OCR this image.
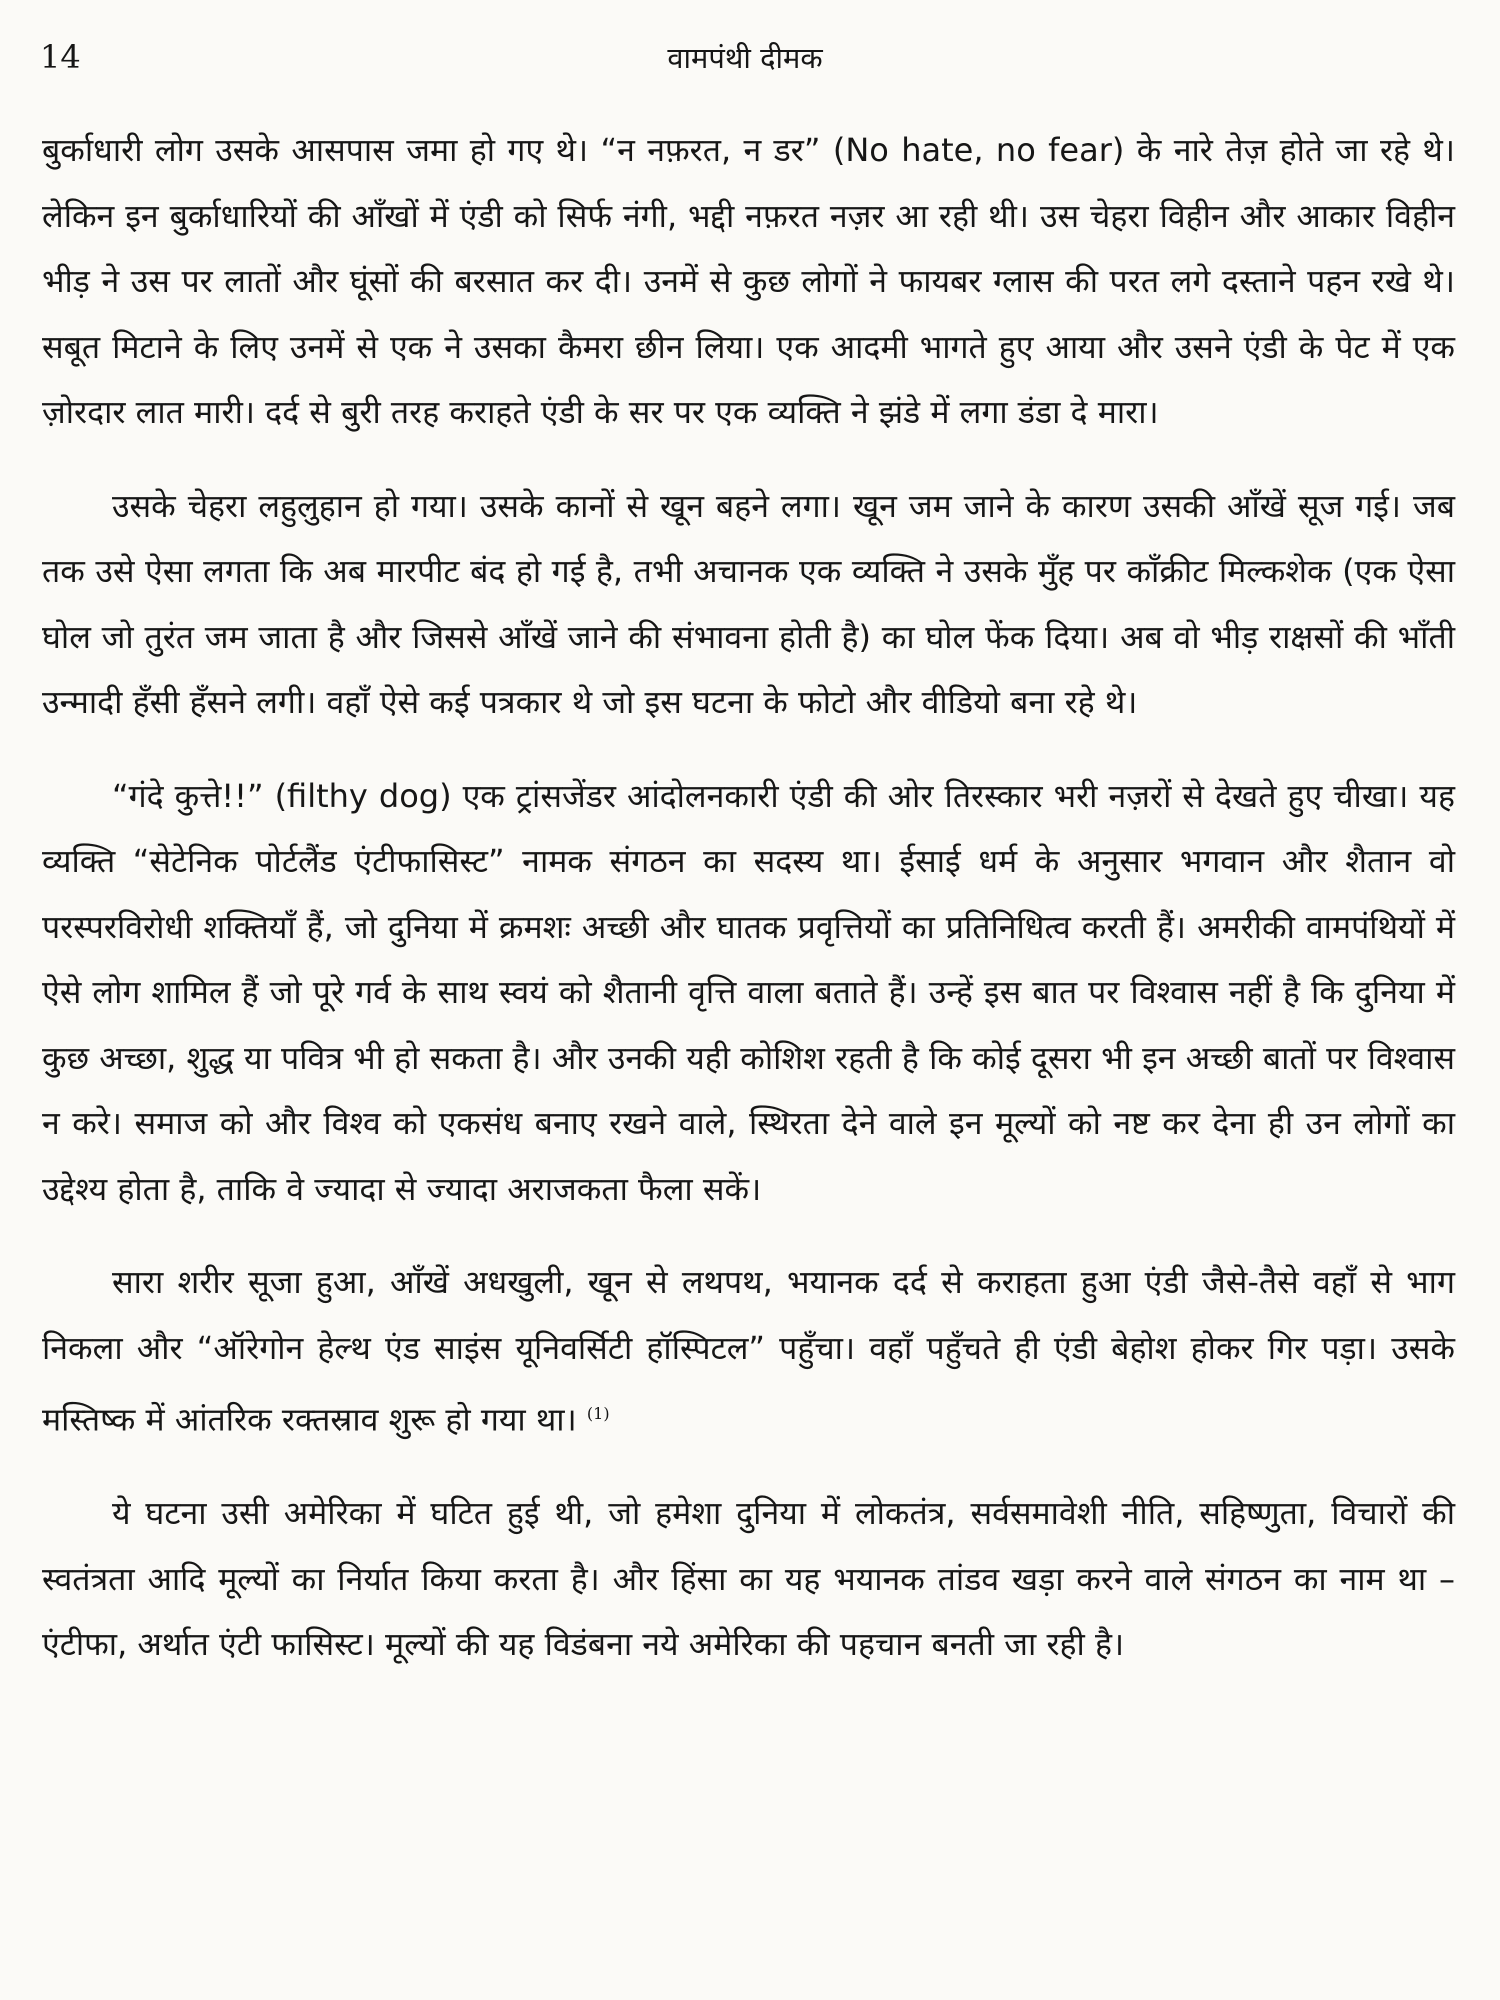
14	वामपंथी दीमक

बुर्काधारी लोग उसके आसपास जमा हो गए थे। “न नफ़रत, न डर” (No hate, no fear) के नारे तेज़ होते जा रहे थे। लेकिन इन बुर्काधारियों की आँखों में एंडी को सिर्फ नंगी, भद्दी नफ़रत नज़र आ रही थी। उस चेहरा विहीन और आकार विहीन भीड़ ने उस पर लातों और घूंसों की बरसात कर दी। उनमें से कुछ लोगों ने फायबर ग्लास की परत लगे दस्ताने पहन रखे थे। सबूत मिटाने के लिए उनमें से एक ने उसका कैमरा छीन लिया। एक आदमी भागते हुए आया और उसने एंडी के पेट में एक ज़ोरदार लात मारी। दर्द से बुरी तरह कराहते एंडी के सर पर एक व्यक्ति ने झंडे में लगा डंडा दे मारा।

उसके चेहरा लहुलुहान हो गया। उसके कानों से खून बहने लगा। खून जम जाने के कारण उसकी आँखें सूज गई। जब तक उसे ऐसा लगता कि अब मारपीट बंद हो गई है, तभी अचानक एक व्यक्ति ने उसके मुँह पर कॉंक्रीट मिल्कशेक (एक ऐसा घोल जो तुरंत जम जाता है और जिससे आँखें जाने की संभावना होती है) का घोल फेंक दिया। अब वो भीड़ राक्षसों की भाँती उन्मादी हँसी हँसने लगी। वहाँ ऐसे कई पत्रकार थे जो इस घटना के फोटो और वीडियो बना रहे थे।

“गंदे कुत्ते!!” (filthy dog) एक ट्रांसजेंडर आंदोलनकारी एंडी की ओर तिरस्कार भरी नज़रों से देखते हुए चीखा। यह व्यक्ति “सेटेनिक पोर्टलैंड एंटीफासिस्ट” नामक संगठन का सदस्य था। ईसाई धर्म के अनुसार भगवान और शैतान वो परस्परविरोधी शक्तियाँ हैं, जो दुनिया में क्रमशः अच्छी और घातक प्रवृत्तियों का प्रतिनिधित्व करती हैं। अमरीकी वामपंथियों में ऐसे लोग शामिल हैं जो पूरे गर्व के साथ स्वयं को शैतानी वृत्ति वाला बताते हैं। उन्हें इस बात पर विश्वास नहीं है कि दुनिया में कुछ अच्छा, शुद्ध या पवित्र भी हो सकता है। और उनकी यही कोशिश रहती है कि कोई दूसरा भी इन अच्छी बातों पर विश्वास न करे। समाज को और विश्व को एकसंध बनाए रखने वाले, स्थिरता देने वाले इन मूल्यों को नष्ट कर देना ही उन लोगों का उद्देश्य होता है, ताकि वे ज्यादा से ज्यादा अराजकता फैला सकें।

सारा शरीर सूजा हुआ, आँखें अधखुली, खून से लथपथ, भयानक दर्द से कराहता हुआ एंडी जैसे-तैसे वहाँ से भाग निकला और “ऑरेगोन हेल्थ एंड साइंस यूनिवर्सिटी हॉस्पिटल” पहुँचा। वहाँ पहुँचते ही एंडी बेहोश होकर गिर पड़ा। उसके मस्तिष्क में आंतरिक रक्तस्राव शुरू हो गया था। $^{(1)}$

ये घटना उसी अमेरिका में घटित हुई थी, जो हमेशा दुनिया में लोकतंत्र, सर्वसमावेशी नीति, सहिष्णुता, विचारों की स्वतंत्रता आदि मूल्यों का निर्यात किया करता है। और हिंसा का यह भयानक तांडव खड़ा करने वाले संगठन का नाम था – एंटीफा, अर्थात एंटी फासिस्ट। मूल्यों की यह विडंबना नये अमेरिका की पहचान बनती जा रही है।
